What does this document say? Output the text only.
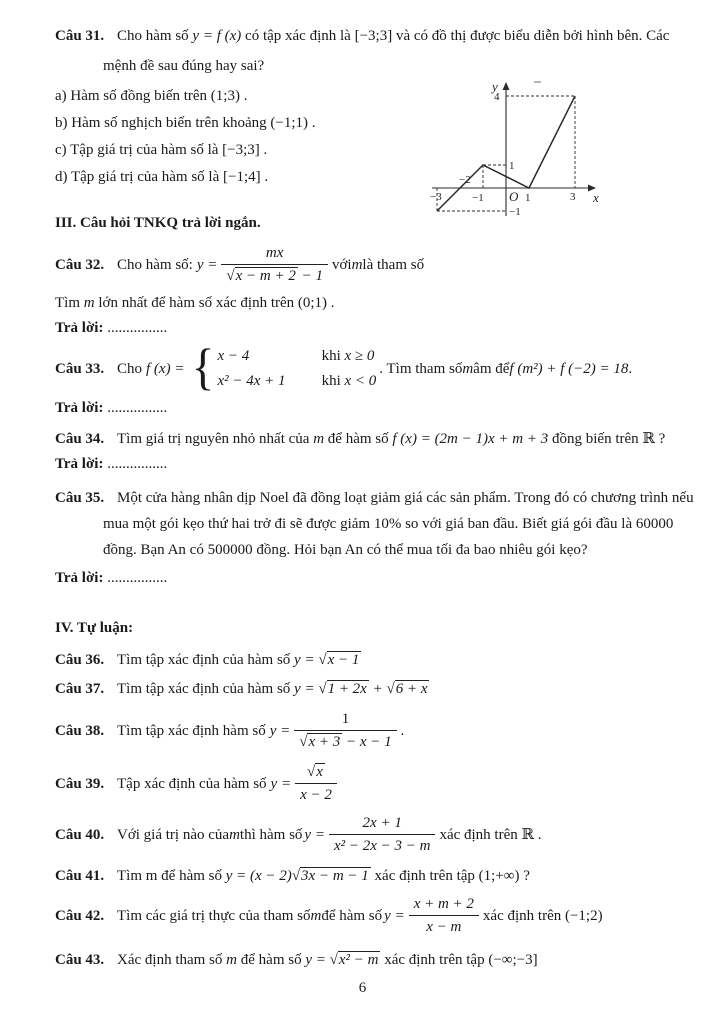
Câu 31. Cho hàm số y = f (x) có tập xác định là [−3;3] và có đồ thị được biểu diễn bởi hình bên. Các
mệnh đề sau đúng hay sai?
a) Hàm số đồng biến trên (1;3) .
b) Hàm số nghịch biến trên khoảng (−1;1) .
c) Tập giá trị của hàm số là [−3;3] .
d) Tập giá trị của hàm số là [−1;4] .
III. Câu hỏi TNKQ trả lời ngắn.
Câu 32. Cho hàm số: $y = \frac{mx}{√x - m + 2 - 1}$ với m là tham số
Tìm m lớn nhất để hàm số xác định trên (0;1) .
Trả lời: ................
Câu 33. Cho f (x) = { x − 4	khi x ≥ 0
x² − 4x + 1 khi x < 0
. Tìm tham số m âm để f (m²) + f (−2) = 18 .
Trả lời: ................
Câu 34. Tìm giá trị nguyên nhỏ nhất của m để hàm số f (x) = (2m − 1)x + m + 3 đồng biến trên ℝ ?
Trả lời: ................
Câu 35. Một cửa hàng nhân dịp Noel đã đồng loạt giảm giá các sản phẩm. Trong đó có chương trình nếu
mua một gói kẹo thứ hai trở đi sẽ được giảm 10% so với giá ban đầu. Biết giá gói đầu là 60000
đồng. Bạn An có 500000 đồng. Hỏi bạn An có thể mua tối đa bao nhiêu gói kẹo?
Trả lời: ................
IV. Tự luận:
Câu 36. Tìm tập xác định của hàm số y = √x − 1
Câu 37. Tìm tập xác định của hàm số y = √1 + 2x + √6 + x
Câu 38. Tìm tập xác định hàm số $y = \frac{1}{√x + 3 - x - 1}$ .
Câu 39. Tập xác định của hàm số $y = \frac{√x}{x - 2}$
Câu 40. Với giá trị nào của m thì hàm số $y = \frac{2x + 1}{\text{x² − 2x − 3 − m}}$ xác định trên ℝ .
Câu 41. Tìm m để hàm số y = (x − 2)√3x − m − 1 xác định trên tập (1;+∞) ?
Câu 42. Tìm các giá trị thực của tham số m để hàm số $y = \frac{x + m + 2}{x - m}$ xác định trên (−1;2)
Câu 43. Xác định tham số m để hàm số y = √x² − m xác định trên tập (−∞;−3]
y
x
O
4
1
−1
−3
−2
−1	1	3
6
